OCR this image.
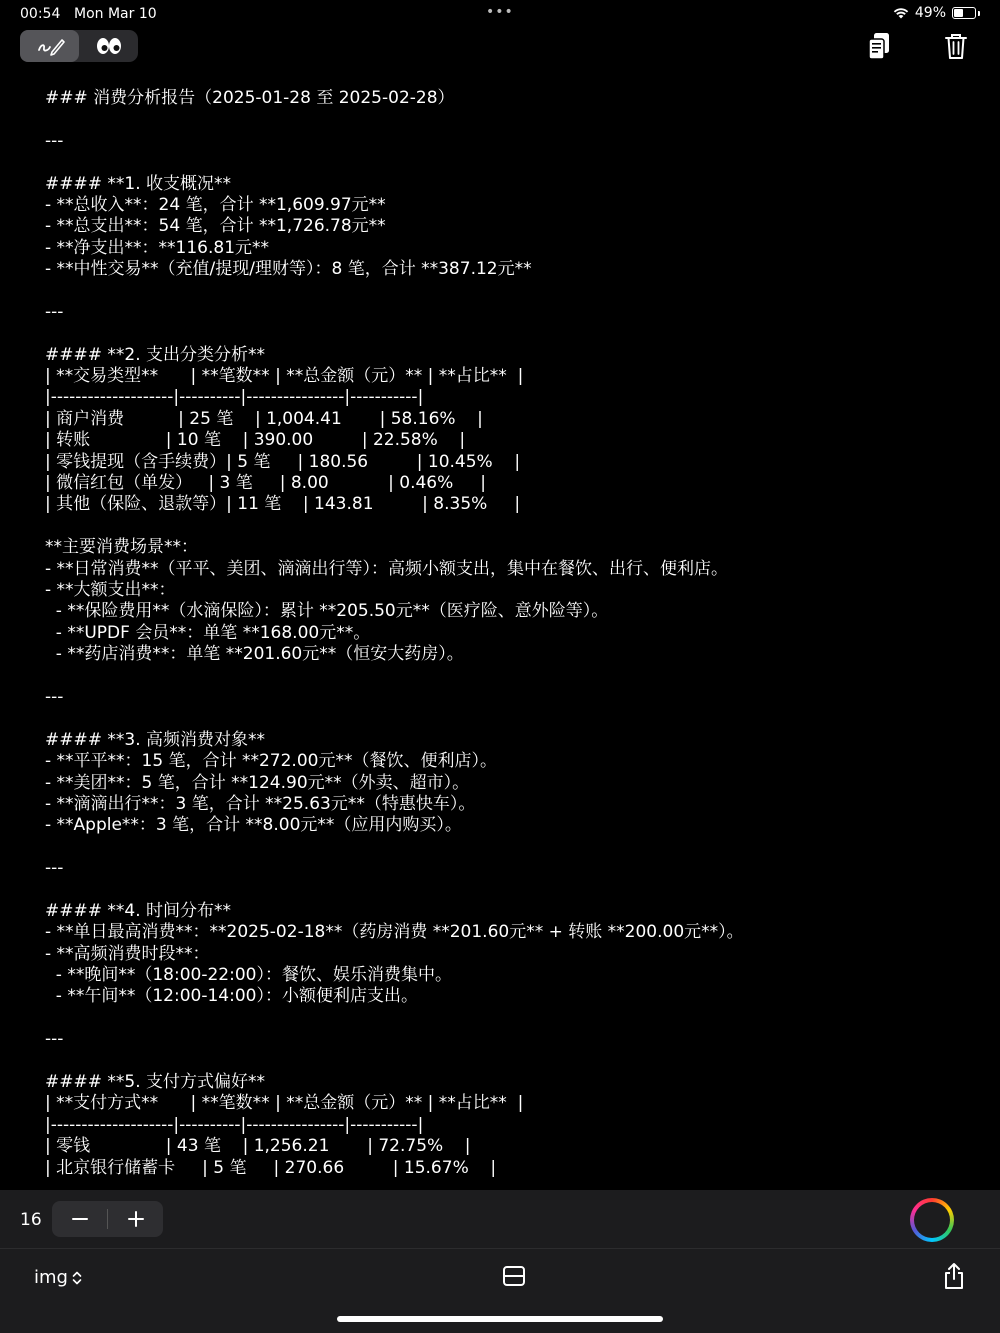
00:54 Mon Mar 10	•••	49%
### 消费分析报告（2025-01-28 至 2025-02-28）
---
#### **1. 收支概况**
- **总收入**：24 笔，合计 **1,609.97元**
- **总支出**：54 笔，合计 **1,726.78元**
- **净支出**：**116.81元**
- **中性交易**（充值/提现/理财等）：8 笔，合计 **387.12元**
---
#### **2. 支出分类分析**
| **交易类型**      | **笔数** | **总金额（元）** | **占比**  |
|--------------------|----------|----------------|-----------|
| 商户消费          | 25 笔    | 1,004.41       | 58.16%    |
| 转账              | 10 笔    | 390.00         | 22.58%    |
| 零钱提现（含手续费）| 5 笔     | 180.56         | 10.45%    |
| 微信红包（单发）   | 3 笔     | 8.00           | 0.46%     |
| 其他（保险、退款等）| 11 笔    | 143.81         | 8.35%     |
**主要消费场景**：
- **日常消费**（平平、美团、滴滴出行等）：高频小额支出，集中在餐饮、出行、便利店。
- **大额支出**：
- **保险费用**（水滴保险）：累计 **205.50元**（医疗险、意外险等）。
- **UPDF 会员**：单笔 **168.00元**。
- **药店消费**：单笔 **201.60元**（恒安大药房）。
---
#### **3. 高频消费对象**
- **平平**：15 笔，合计 **272.00元**（餐饮、便利店）。
- **美团**：5 笔，合计 **124.90元**（外卖、超市）。
- **滴滴出行**：3 笔，合计 **25.63元**（特惠快车）。
- **Apple**：3 笔，合计 **8.00元**（应用内购买）。
---
#### **4. 时间分布**
- **单日最高消费**：**2025-02-18**（药房消费 **201.60元** + 转账 **200.00元**）。
- **高频消费时段**：
- **晚间**（18:00-22:00）：餐饮、娱乐消费集中。
- **午间**（12:00-14:00）：小额便利店支出。
---
#### **5. 支付方式偏好**
| **支付方式**      | **笔数** | **总金额（元）** | **占比**  |
|--------------------|----------|----------------|-----------|
| 零钱              | 43 笔    | 1,256.21       | 72.75%    |
| 北京银行储蓄卡     | 5 笔     | 270.66         | 15.67%    |
16
img
